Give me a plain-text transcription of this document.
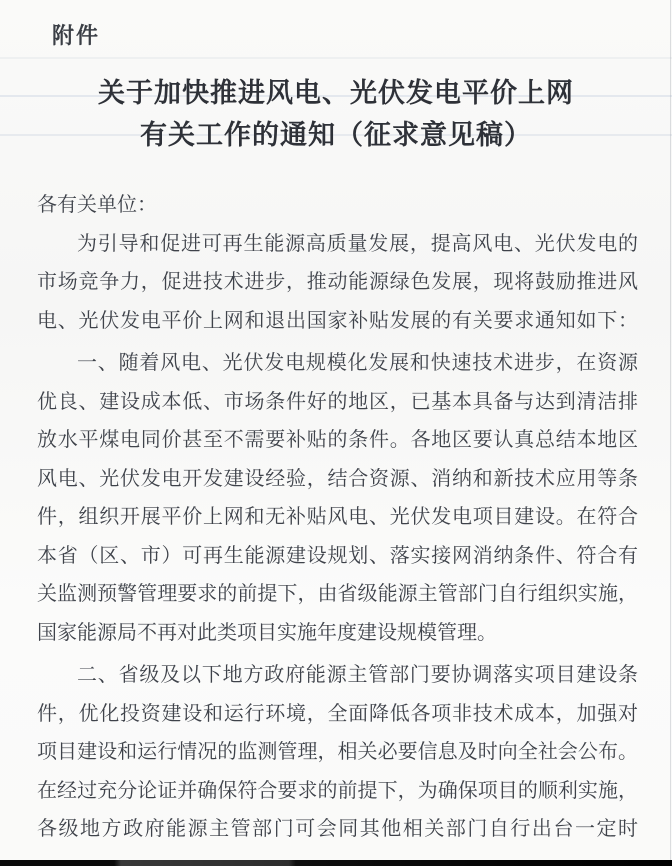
附件
关于加快推进风电、光伏发电平价上网
有关工作的通知（征求意见稿）
各有关单位：
为引导和促进可再生能源高质量发展，提高风电、光伏发电的
市场竞争力，促进技术进步，推动能源绿色发展，现将鼓励推进风
电、光伏发电平价上网和退出国家补贴发展的有关要求通知如下：
一、随着风电、光伏发电规模化发展和快速技术进步，在资源
优良、建设成本低、市场条件好的地区，已基本具备与达到清洁排
放水平煤电同价甚至不需要补贴的条件。各地区要认真总结本地区
风电、光伏发电开发建设经验，结合资源、消纳和新技术应用等条
件，组织开展平价上网和无补贴风电、光伏发电项目建设。在符合
本省（区、市）可再生能源建设规划、落实接网消纳条件、符合有
关监测预警管理要求的前提下，由省级能源主管部门自行组织实施，
国家能源局不再对此类项目实施年度建设规模管理。
二、省级及以下地方政府能源主管部门要协调落实项目建设条
件，优化投资建设和运行环境，全面降低各项非技术成本，加强对
项目建设和运行情况的监测管理，相关必要信息及时向全社会公布。
在经过充分论证并确保符合要求的前提下，为确保项目的顺利实施，
各级地方政府能源主管部门可会同其他相关部门自行出台一定时
